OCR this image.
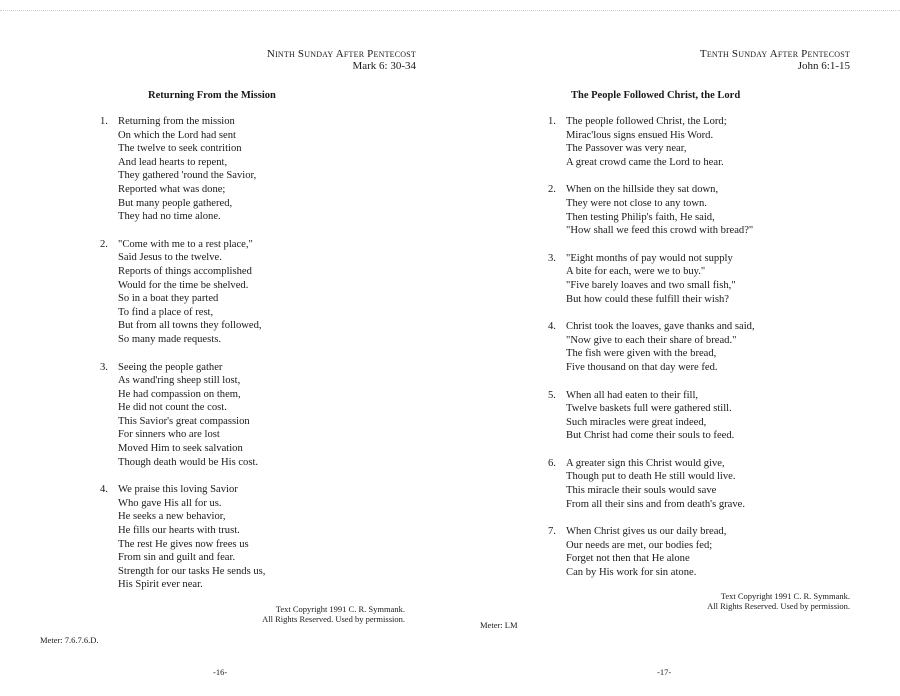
Ninth Sunday After Pentecost
Mark 6: 30-34
Returning From the Mission
1. Returning from the mission
On which the Lord had sent
The twelve to seek contrition
And lead hearts to repent,
They gathered 'round the Savior,
Reported what was done;
But many people gathered,
They had no time alone.
2. "Come with me to a rest place,"
Said Jesus to the twelve.
Reports of things accomplished
Would for the time be shelved.
So in a boat they parted
To find a place of rest,
But from all towns they followed,
So many made requests.
3. Seeing the people gather
As wand'ring sheep still lost,
He had compassion on them,
He did not count the cost.
This Savior's great compassion
For sinners who are lost
Moved Him to seek salvation
Though death would be His cost.
4. We praise this loving Savior
Who gave His all for us.
He seeks a new behavior,
He fills our hearts with trust.
The rest He gives now frees us
From sin and guilt and fear.
Strength for our tasks He sends us,
His Spirit ever near.
Text Copyright 1991 C. R. Symmank.
All Rights Reserved. Used by permission.
Meter: 7.6.7.6.D.
-16-
Tenth Sunday After Pentecost
John 6:1-15
The People Followed Christ, the Lord
1. The people followed Christ, the Lord;
Mirac'lous signs ensued His Word.
The Passover was very near,
A great crowd came the Lord to hear.
2. When on the hillside they sat down,
They were not close to any town.
Then testing Philip's faith, He said,
"How shall we feed this crowd with bread?"
3. "Eight months of pay would not supply
A bite for each, were we to buy."
"Five barely loaves and two small fish,"
But how could these fulfill their wish?
4. Christ took the loaves, gave thanks and said,
"Now give to each their share of bread."
The fish were given with the bread,
Five thousand on that day were fed.
5. When all had eaten to their fill,
Twelve baskets full were gathered still.
Such miracles were great indeed,
But Christ had come their souls to feed.
6. A greater sign this Christ would give,
Though put to death He still would live.
This miracle their souls would save
From all their sins and from death's grave.
7. When Christ gives us our daily bread,
Our needs are met, our bodies fed;
Forget not then that He alone
Can by His work for sin atone.
Text Copyright 1991 C. R. Symmank.
All Rights Reserved. Used by permission.
Meter: LM
-17-
